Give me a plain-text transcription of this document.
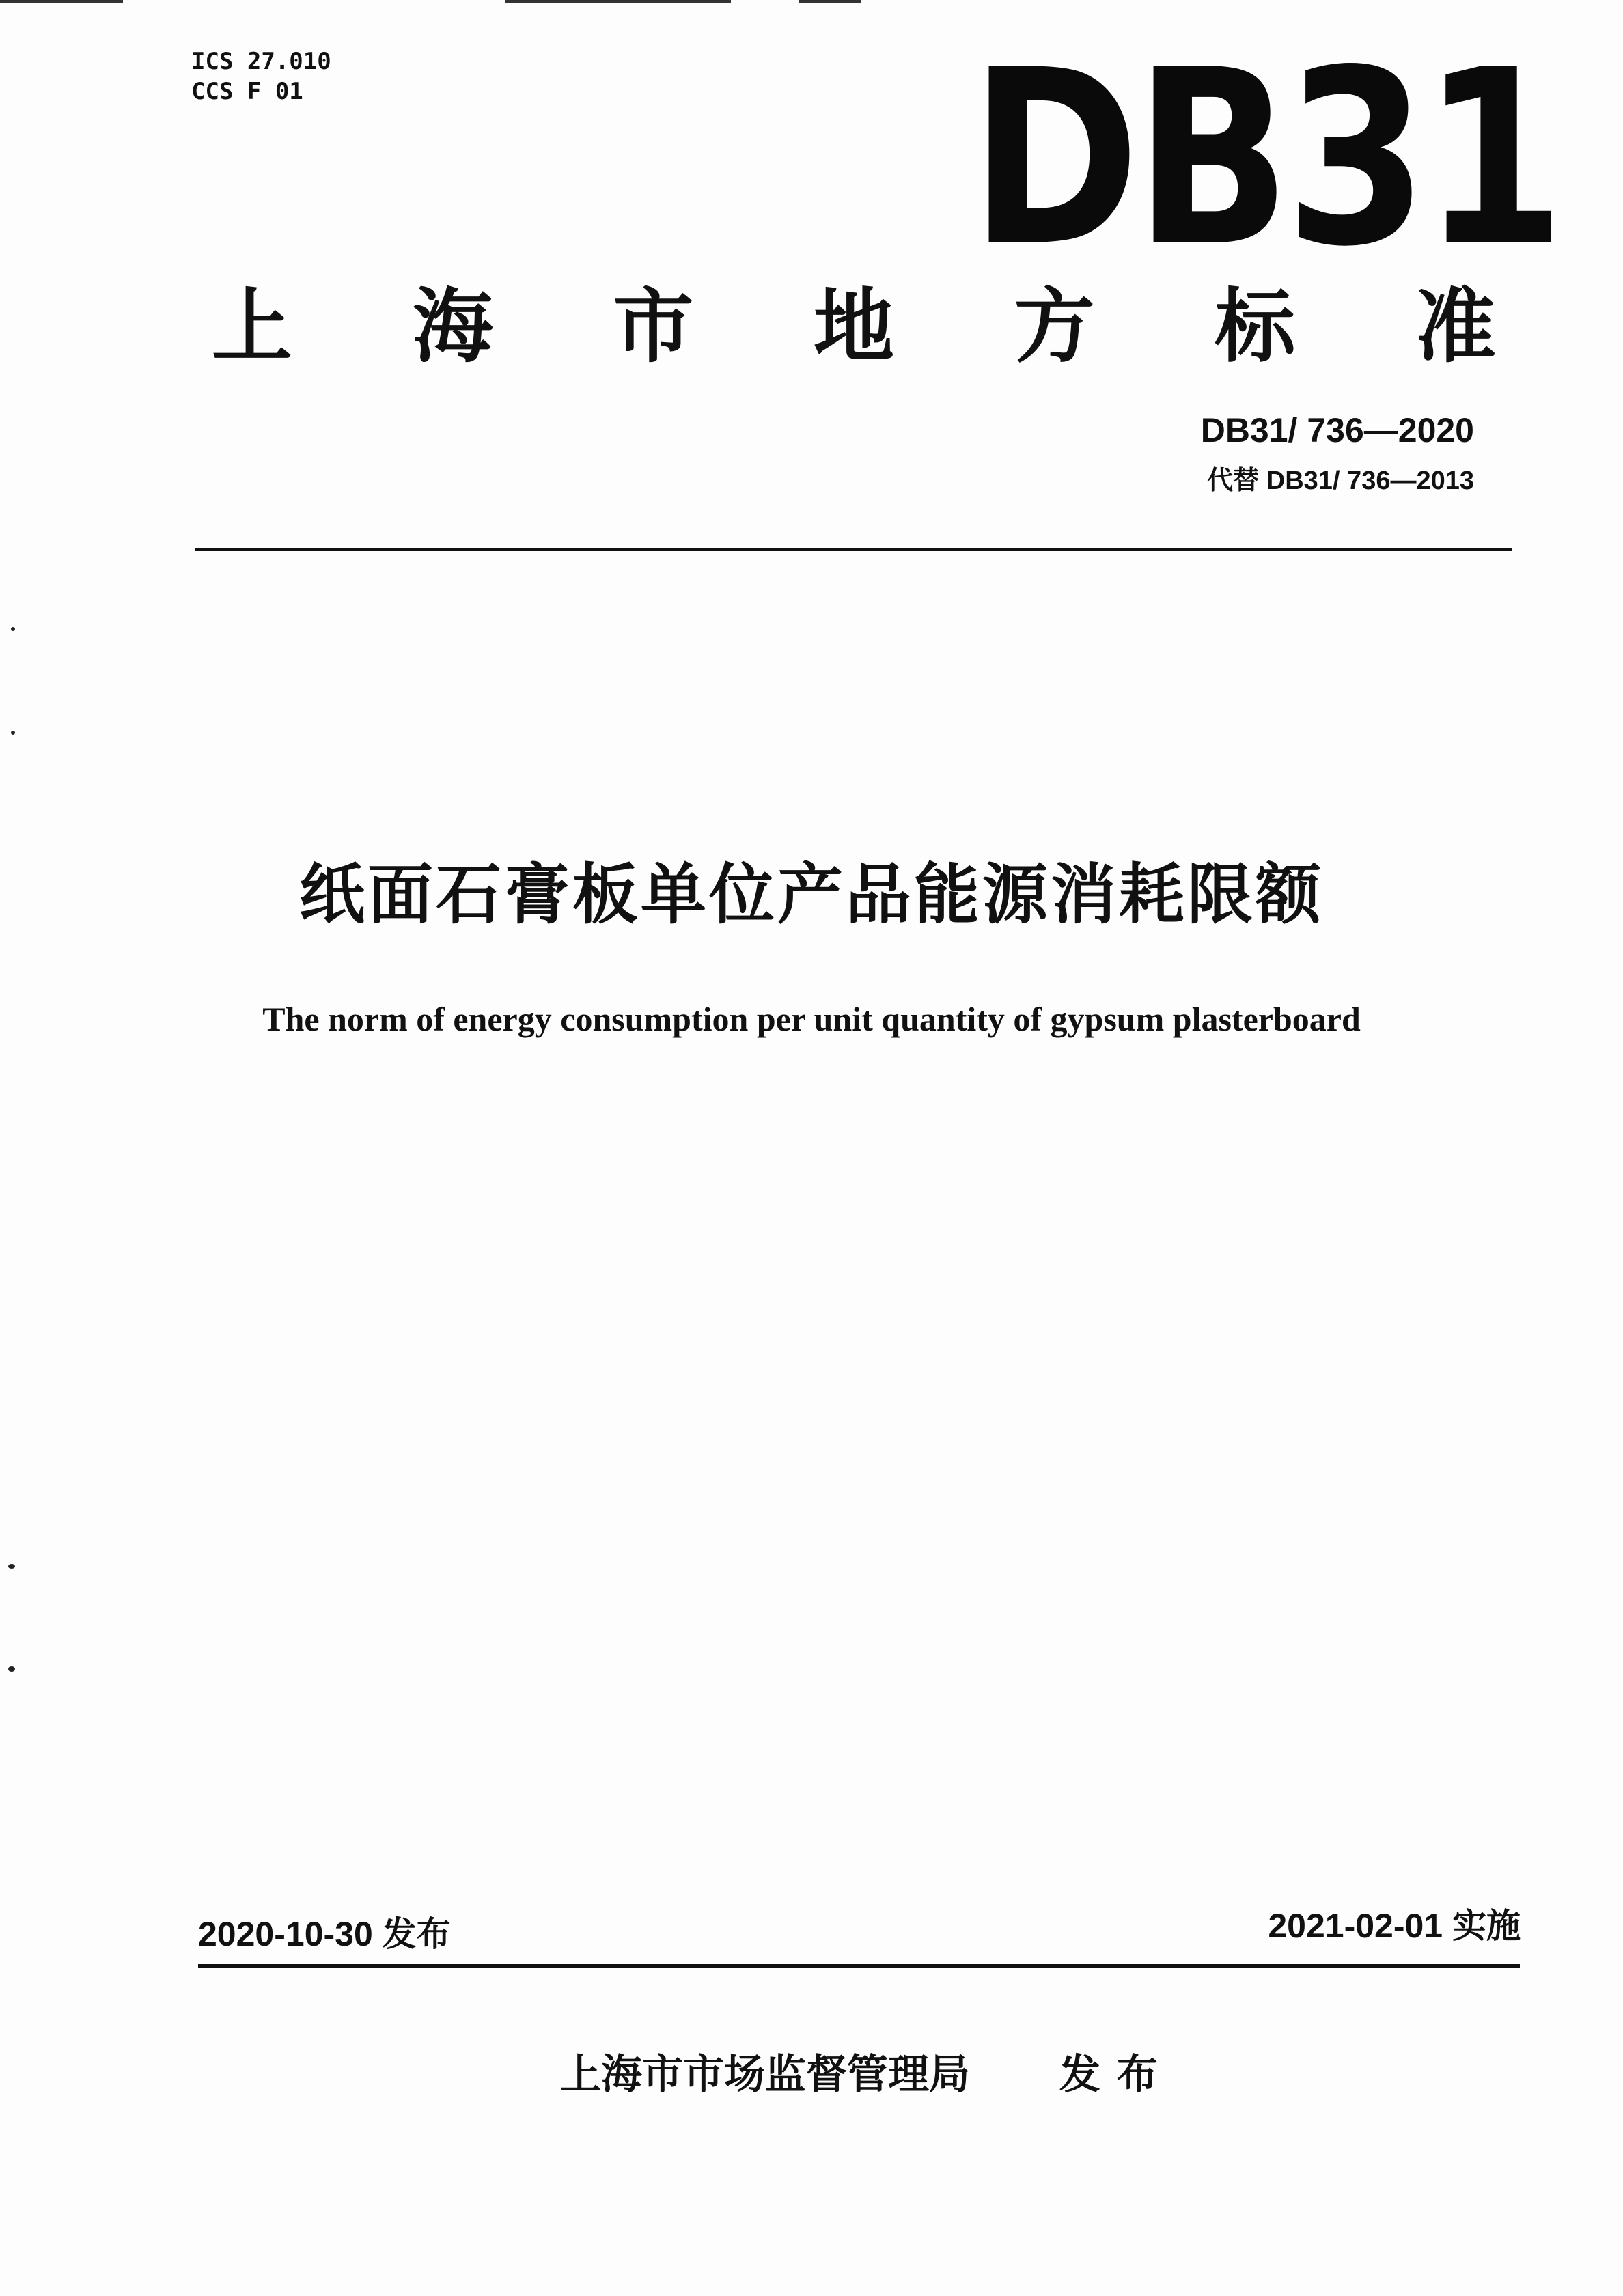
ICS 27.010
CCS F 01	DB31
上 海 市 地 方 标 准
DB31/ 736—2020
代替 DB31/ 736—2013
纸面石膏板单位产品能源消耗限额
The norm of energy consumption per unit quantity of gypsum plasterboard
2020-10-30 发布	2021-02-01 实施
上海市市场监督管理局 发布
